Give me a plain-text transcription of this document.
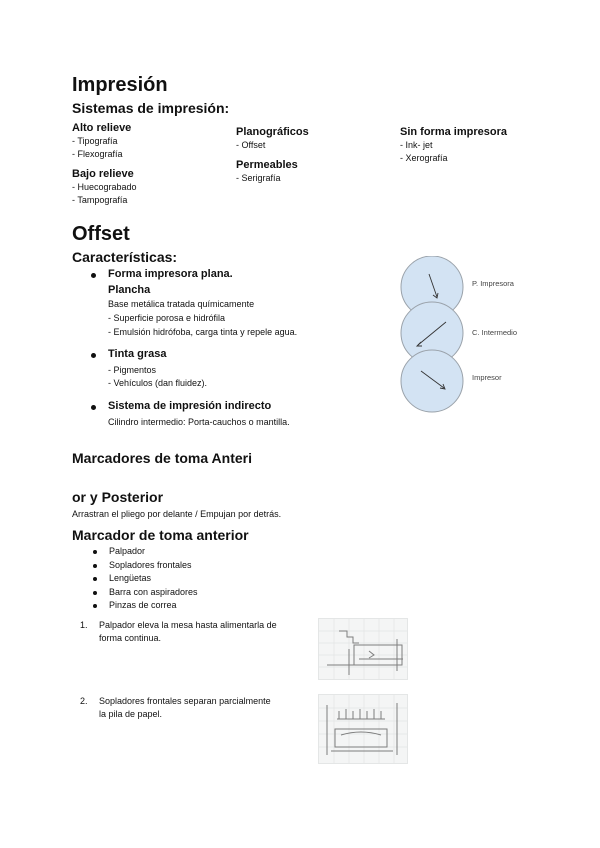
Impresión
Sistemas de impresión:
Alto relieve
- Tipografía
- Flexografía
Bajo relieve
- Huecograbado
- Tampografía
Planográficos
- Offset
Permeables
- Serigrafía
Sin forma impresora
- Ink- jet
- Xerografía
Offset
Características:
Forma impresora plana.
Plancha
Base metálica tratada químicamente
- Superficie porosa e hidrófila
- Emulsión hidrófoba, carga tinta y repele agua.
Tinta grasa
- Pigmentos
- Vehículos (dan fluidez).
Sistema de impresión indirecto
Cilindro intermedio: Porta-cauchos o mantilla.
P. Impresora
C. Intermedio
Impresor
Marcadores de toma Anteri
or y Posterior
Arrastran el pliego por delante / Empujan por detrás.
Marcador de toma anterior
Palpador
Sopladores frontales
Lengüetas
Barra con aspiradores
Pinzas de correa
1. Palpador eleva la mesa hasta alimentarla de
forma continua.
2. Sopladores frontales separan parcialmente
la pila de papel.
